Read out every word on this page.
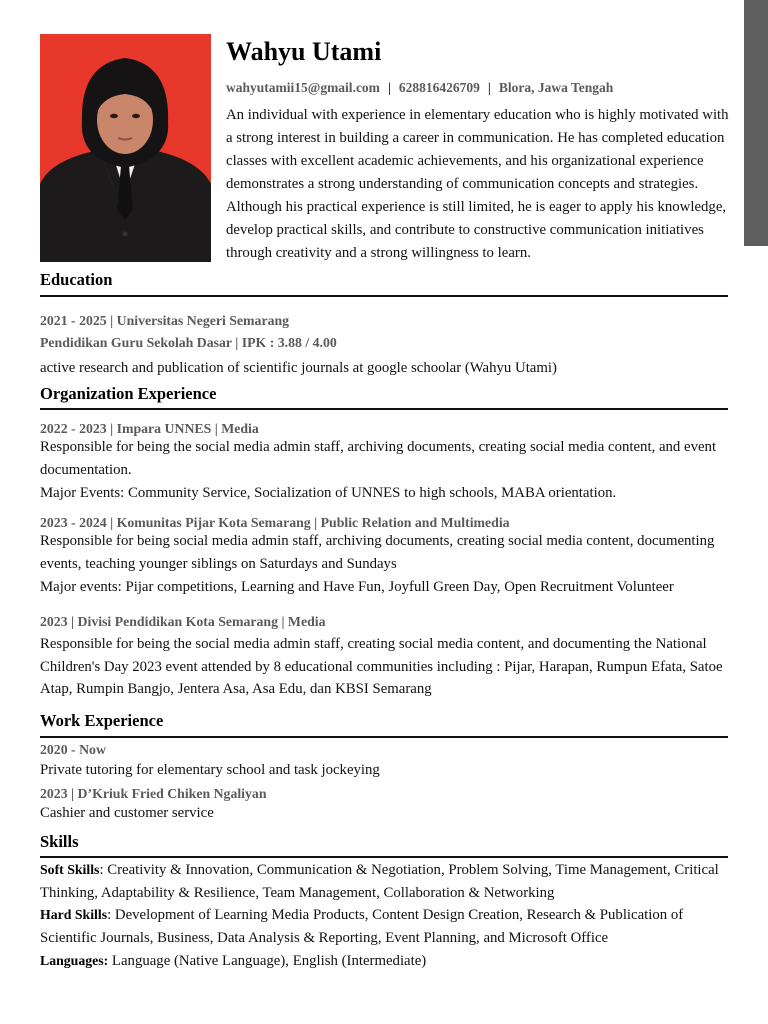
Wahyu Utami
wahyutamii15@gmail.com | 628816426709 | Blora, Jawa Tengah
An individual with experience in elementary education who is highly motivated with a strong interest in building a career in communication. He has completed education classes with excellent academic achievements, and his organizational experience demonstrates a strong understanding of communication concepts and strategies. Although his practical experience is still limited, he is eager to apply his knowledge, develop practical skills, and contribute to constructive communication initiatives through creativity and a strong willingness to learn.
Education
2021 - 2025 | Universitas Negeri Semarang
Pendidikan Guru Sekolah Dasar | IPK : 3.88 / 4.00
active research and publication of scientific journals at google schoolar (Wahyu Utami)
Organization Experience
2022 - 2023 | Impara UNNES | Media
Responsible for being the social media admin staff, archiving documents, creating social media content, and event documentation.
Major Events: Community Service, Socialization of UNNES to high schools, MABA orientation.
2023 - 2024 | Komunitas Pijar Kota Semarang | Public Relation and Multimedia
Responsible for being social media admin staff, archiving documents, creating social media content, documenting events, teaching younger siblings on Saturdays and Sundays
Major events: Pijar competitions, Learning and Have Fun, Joyfull Green Day, Open Recruitment Volunteer
2023 | Divisi Pendidikan Kota Semarang | Media
Responsible for being the social media admin staff, creating social media content, and documenting the National Children's Day 2023 event attended by 8 educational communities including : Pijar, Harapan, Rumpun Efata, Satoe Atap, Rumpin Bangjo, Jentera Asa, Asa Edu, dan KBSI Semarang
Work Experience
2020 - Now
Private tutoring for elementary school and task jockeying
2023 | D’Kriuk Fried Chiken Ngaliyan
Cashier and customer service
Skills
Soft Skills: Creativity & Innovation, Communication & Negotiation, Problem Solving, Time Management, Critical Thinking, Adaptability & Resilience, Team Management, Collaboration & Networking
Hard Skills: Development of Learning Media Products, Content Design Creation, Research & Publication of Scientific Journals, Business, Data Analysis & Reporting, Event Planning, and Microsoft Office
Languages: Language (Native Language), English (Intermediate)
